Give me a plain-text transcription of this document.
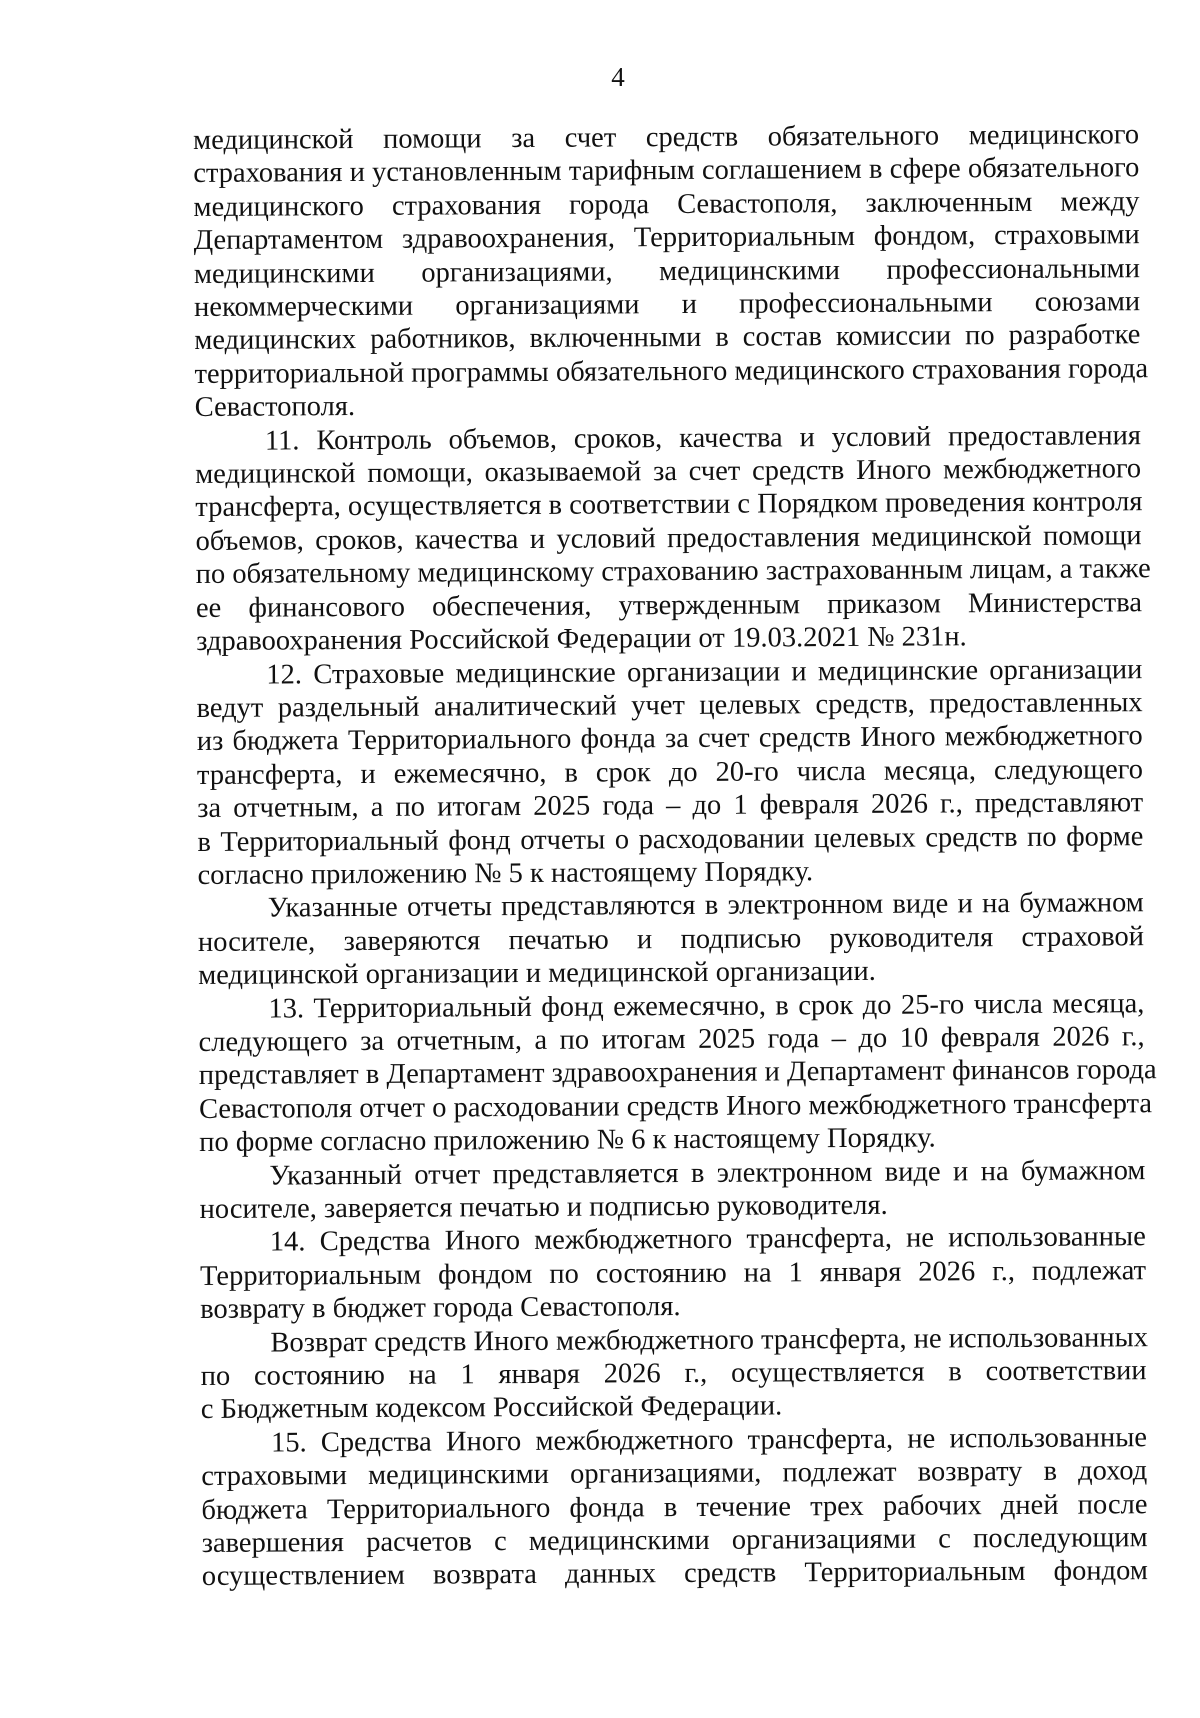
4

медицинской помощи за счет средств обязательного медицинского
страхования и установленным тарифным соглашением в сфере обязательного
медицинского страхования города Севастополя, заключенным между
Департаментом здравоохранения, Территориальным фондом, страховыми
медицинскими организациями, медицинскими профессиональными
некоммерческими организациями и профессиональными союзами
медицинских работников, включенными в состав комиссии по разработке
территориальной программы обязательного медицинского страхования города
Севастополя.

11. Контроль объемов, сроков, качества и условий предоставления
медицинской помощи, оказываемой за счет средств Иного межбюджетного
трансферта, осуществляется в соответствии с Порядком проведения контроля
объемов, сроков, качества и условий предоставления медицинской помощи
по обязательному медицинскому страхованию застрахованным лицам, а также
ее финансового обеспечения, утвержденным приказом Министерства
здравоохранения Российской Федерации от 19.03.2021 № 231н.

12. Страховые медицинские организации и медицинские организации
ведут раздельный аналитический учет целевых средств, предоставленных
из бюджета Территориального фонда за счет средств Иного межбюджетного
трансферта, и ежемесячно, в срок до 20-го числа месяца, следующего
за отчетным, а по итогам 2025 года – до 1 февраля 2026 г., представляют
в Территориальный фонд отчеты о расходовании целевых средств по форме
согласно приложению № 5 к настоящему Порядку.

Указанные отчеты представляются в электронном виде и на бумажном
носителе, заверяются печатью и подписью руководителя страховой
медицинской организации и медицинской организации.

13. Территориальный фонд ежемесячно, в срок до 25-го числа месяца,
следующего за отчетным, а по итогам 2025 года – до 10 февраля 2026 г.,
представляет в Департамент здравоохранения и Департамент финансов города
Севастополя отчет о расходовании средств Иного межбюджетного трансферта
по форме согласно приложению № 6 к настоящему Порядку.

Указанный отчет представляется в электронном виде и на бумажном
носителе, заверяется печатью и подписью руководителя.

14. Средства Иного межбюджетного трансферта, не использованные
Территориальным фондом по состоянию на 1 января 2026 г., подлежат
возврату в бюджет города Севастополя.

Возврат средств Иного межбюджетного трансферта, не использованных
по состоянию на 1 января 2026 г., осуществляется в соответствии
с Бюджетным кодексом Российской Федерации.

15. Средства Иного межбюджетного трансферта, не использованные
страховыми медицинскими организациями, подлежат возврату в доход
бюджета Территориального фонда в течение трех рабочих дней после
завершения расчетов с медицинскими организациями с последующим
осуществлением возврата данных средств Территориальным фондом
